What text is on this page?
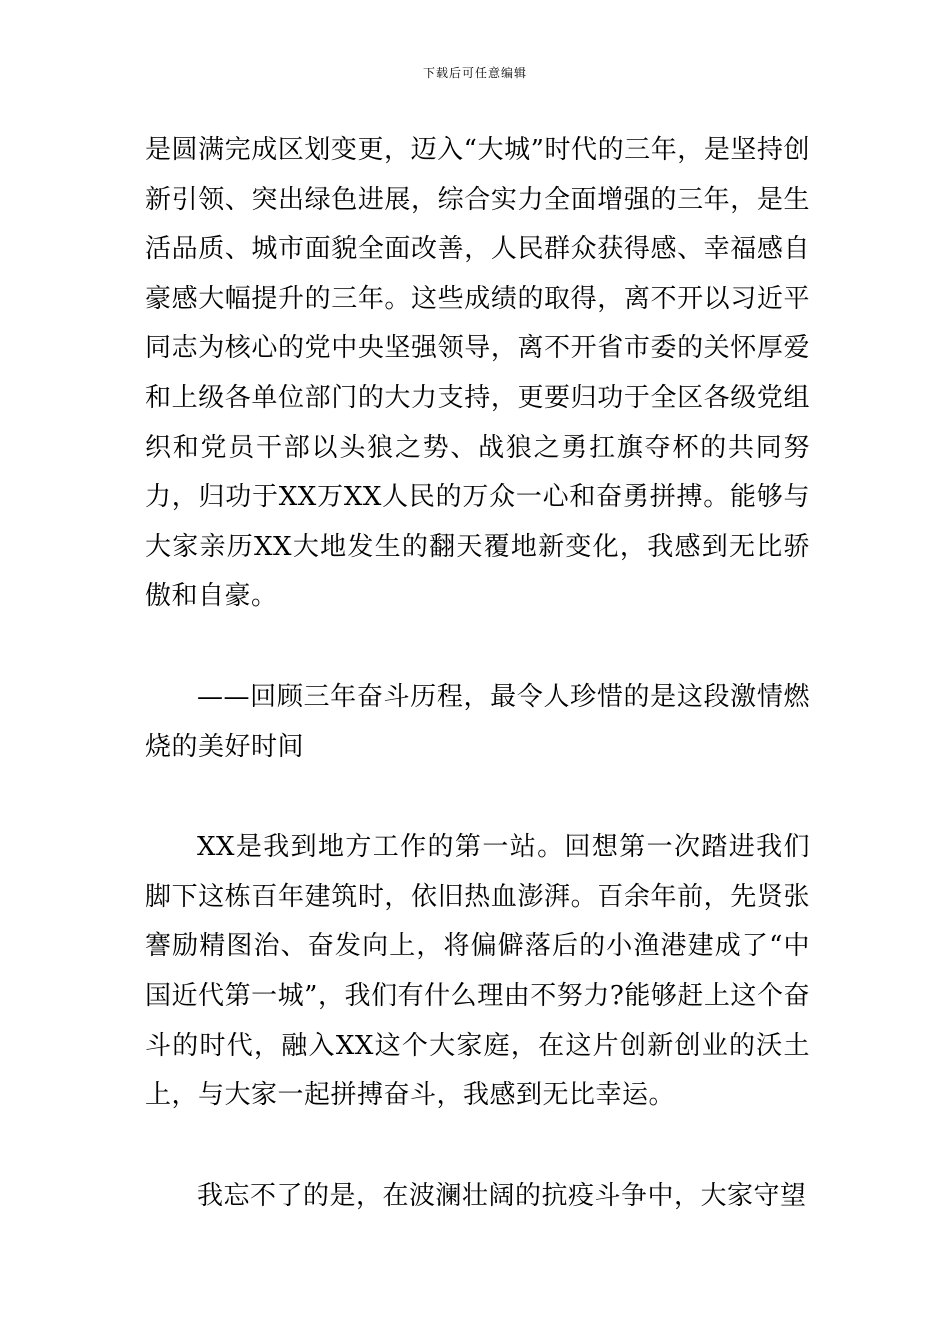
下载后可任意编辑

是圆满完成区划变更，迈入“大城”时代的三年，是坚持创新引领、突出绿色进展，综合实力全面增强的三年，是生活品质、城市面貌全面改善，人民群众获得感、幸福感自豪感大幅提升的三年。这些成绩的取得，离不开以习近平同志为核心的党中央坚强领导，离不开省市委的关怀厚爱和上级各单位部门的大力支持，更要归功于全区各级党组织和党员干部以头狼之势、战狼之勇扛旗夺杯的共同努力，归功于XX万XX人民的万众一心和奋勇拼搏。能够与大家亲历XX大地发生的翻天覆地新变化，我感到无比骄傲和自豪。

——回顾三年奋斗历程，最令人珍惜的是这段激情燃烧的美好时间

XX是我到地方工作的第一站。回想第一次踏进我们脚下这栋百年建筑时，依旧热血澎湃。百余年前，先贤张謇励精图治、奋发向上，将偏僻落后的小渔港建成了“中国近代第一城”，我们有什么理由不努力?能够赶上这个奋斗的时代，融入XX这个大家庭，在这片创新创业的沃土上，与大家一起拼搏奋斗，我感到无比幸运。

我忘不了的是，在波澜壮阔的抗疫斗争中，大家守望
